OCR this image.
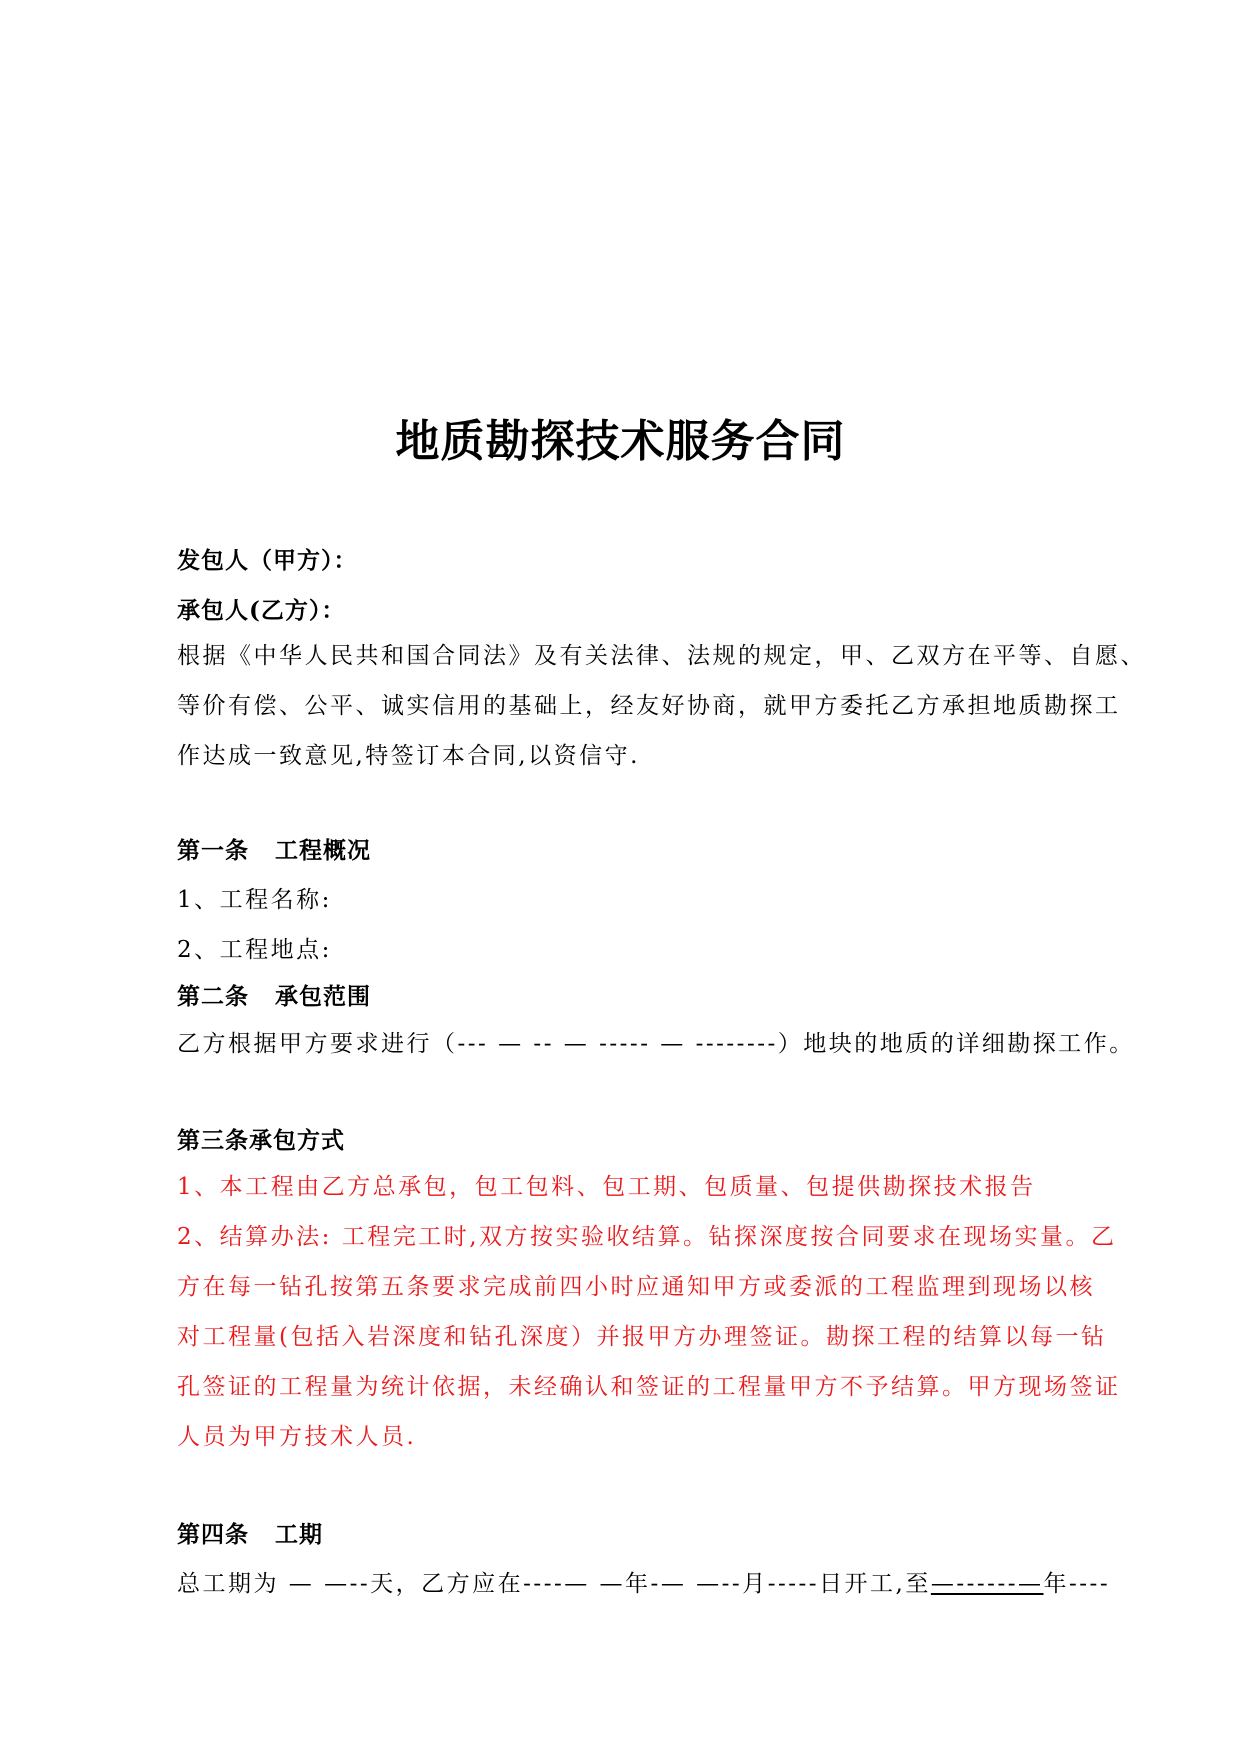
地质勘探技术服务合同
发包人（甲方）：
承包人(乙方）：
根据《中华人民共和国合同法》及有关法律、法规的规定，甲、乙双方在平等、自愿、
等价有偿、公平、诚实信用的基础上，经友好协商，就甲方委托乙方承担地质勘探工
作达成一致意见,特签订本合同,以资信守.
第一条 工程概况
1、工程名称:
2、工程地点:
第二条 承包范围
乙方根据甲方要求进行（--- — -- — ----- — --------）地块的地质的详细勘探工作。
第三条承包方式
1、本工程由乙方总承包，包工包料、包工期、包质量、包提供勘探技术报告
2、结算办法: 工程完工时,双方按实验收结算。钻探深度按合同要求在现场实量。乙
方在每一钻孔按第五条要求完成前四小时应通知甲方或委派的工程监理到现场以核
对工程量(包括入岩深度和钻孔深度）并报甲方办理签证。勘探工程的结算以每一钻
孔签证的工程量为统计依据，未经确认和签证的工程量甲方不予结算。甲方现场签证
人员为甲方技术人员.
第四条 工期
总工期为 — —--天，乙方应在----— —年-— —--月-----日开工,至—------—年----
